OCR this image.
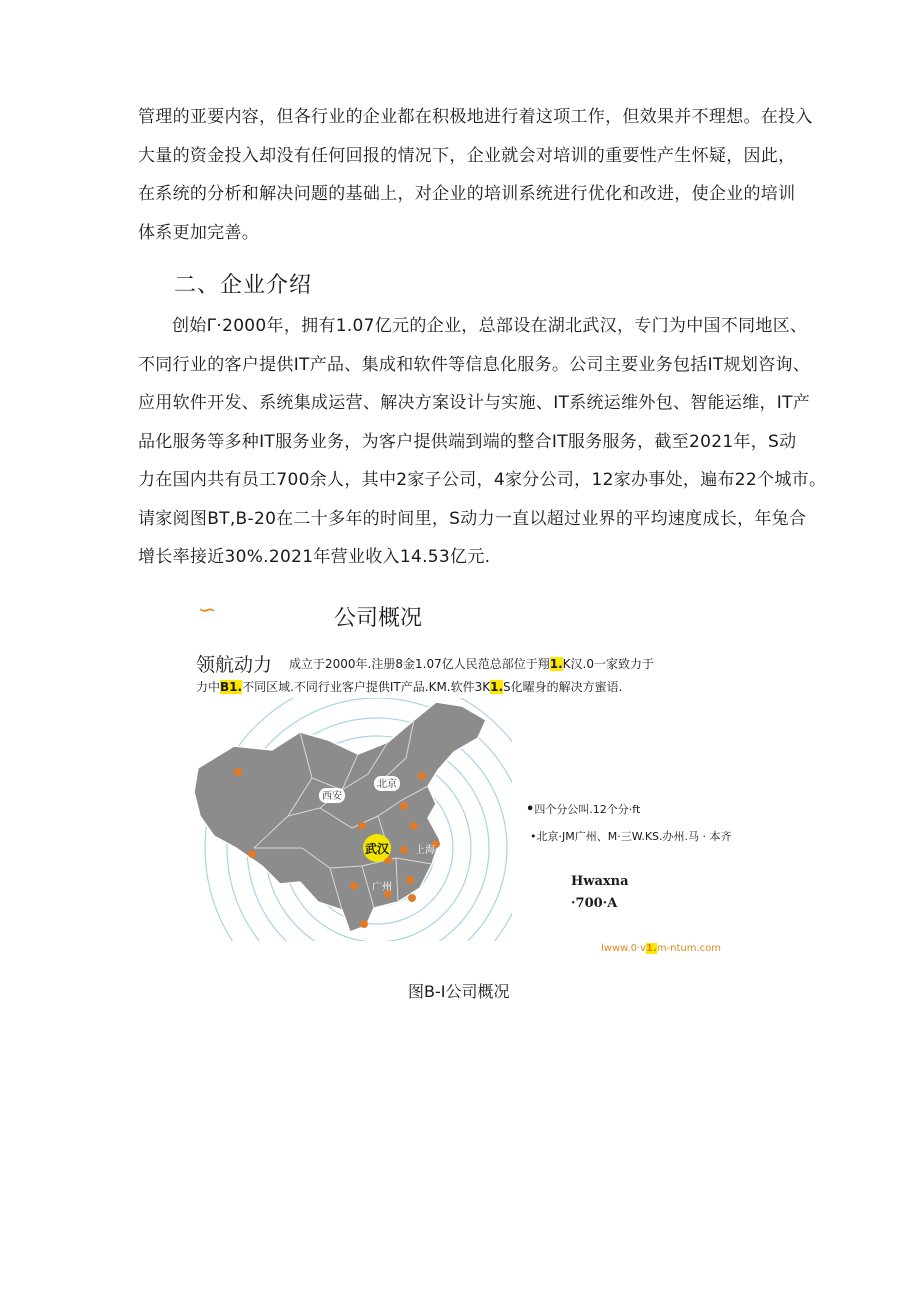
管理的亚要内容，但各行业的企业都在积极地进行着这项工作，但效果并不理想。在投入
大量的资金投入却没有任何回报的情况下，企业就会对培训的重要性产生怀疑，因此，
在系统的分析和解决问题的基础上，对企业的培训系统进行优化和改进，使企业的培训
体系更加完善。
二、企业介绍
创始Γ·2000年，拥有1.07亿元的企业，总部设在湖北武汉，专门为中国不同地区、
不同行业的客户提供IT产品、集成和软件等信息化服务。公司主要业务包括IT规划咨询、
应用软件开发、系统集成运营、解决方案设计与实施、IT系统运维外包、智能运维，IT产
品化服务等多种IT服务业务，为客户提供端到端的整合IT服务服务，截至2021年，S动
力在国内共有员工700余人，其中2家子公司，4家分公司，12家办事处，遍布22个城市。
请家阅图BT,B-20在二十多年的时间里，S动力一直以超过业界的平均速度成长，年兔合
增长率接近30%.2021年营业收入14.53亿元.
∽	公司概况
领航动力 成立于2000年.注册8金1.07亿人民范总部位于翔1.K汉.0一家致力于
力中B1.不同区域.不同行业客户提供IT产品.KM.软件3K1.S化曜身的解决方蜜语.
西安
北京
武汉	上海
广州
•四个分公叫.12个分·ft
•北京·JM广州、M·三W.KS.办州.马 · 本齐
Hwaxna
·700·A
lwww.0·v1.m-ntum.com
图B-I公司概况
